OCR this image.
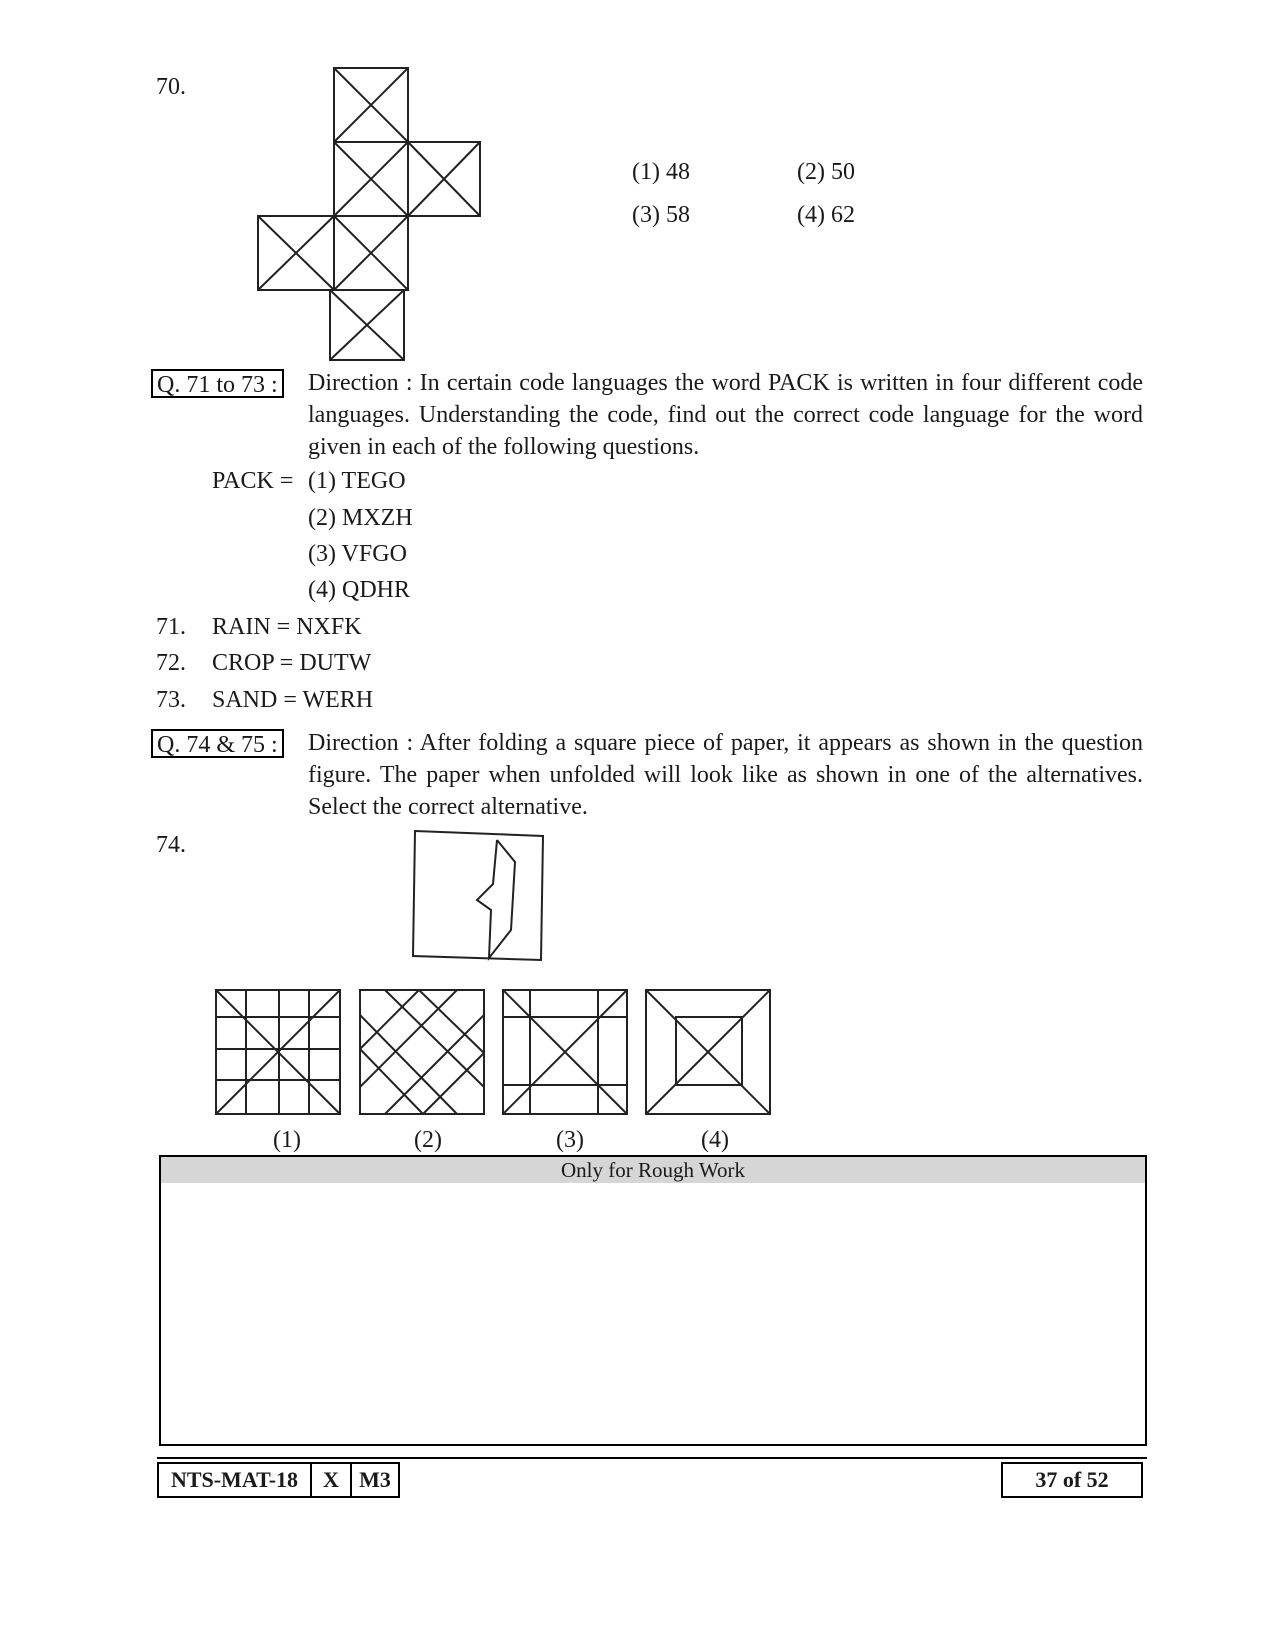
70.
(1) 48	(2) 50
(3) 58	(4) 62
Q. 71 to 73 : Direction : In certain code languages the word PACK is written in four different code languages. Understanding the code, find out the correct code language for the word given in each of the following questions.
PACK = (1) TEGO
(2) MXZH
(3) VFGO
(4) QDHR
71. RAIN = NXFK
72. CROP = DUTW
73. SAND = WERH
Q. 74 & 75 : Direction : After folding a square piece of paper, it appears as shown in the question figure. The paper when unfolded will look like as shown in one of the alternatives. Select the correct alternative.
74.
(1)	(2)	(3)	(4)
Only for Rough Work
NTS-MAT-18	X M3	37 of 52
